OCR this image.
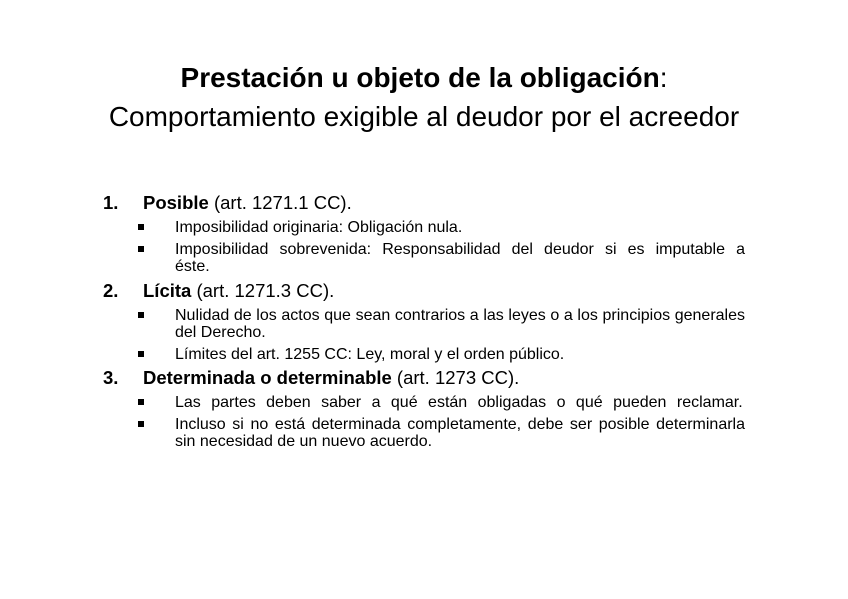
Prestación u objeto de la obligación:
Comportamiento exigible al deudor por el acreedor
1. Posible (art. 1271.1 CC).
Imposibilidad originaria: Obligación nula.
Imposibilidad sobrevenida: Responsabilidad del deudor si es imputable a éste.
2. Lícita (art. 1271.3 CC).
Nulidad de los actos que sean contrarios a las leyes o a los principios generales del Derecho.
Límites del art. 1255 CC: Ley, moral y el orden público.
3. Determinada o determinable (art. 1273 CC).
Las partes deben saber a qué están obligadas o qué pueden reclamar.
Incluso si no está determinada completamente, debe ser posible determinarla sin necesidad de un nuevo acuerdo.
